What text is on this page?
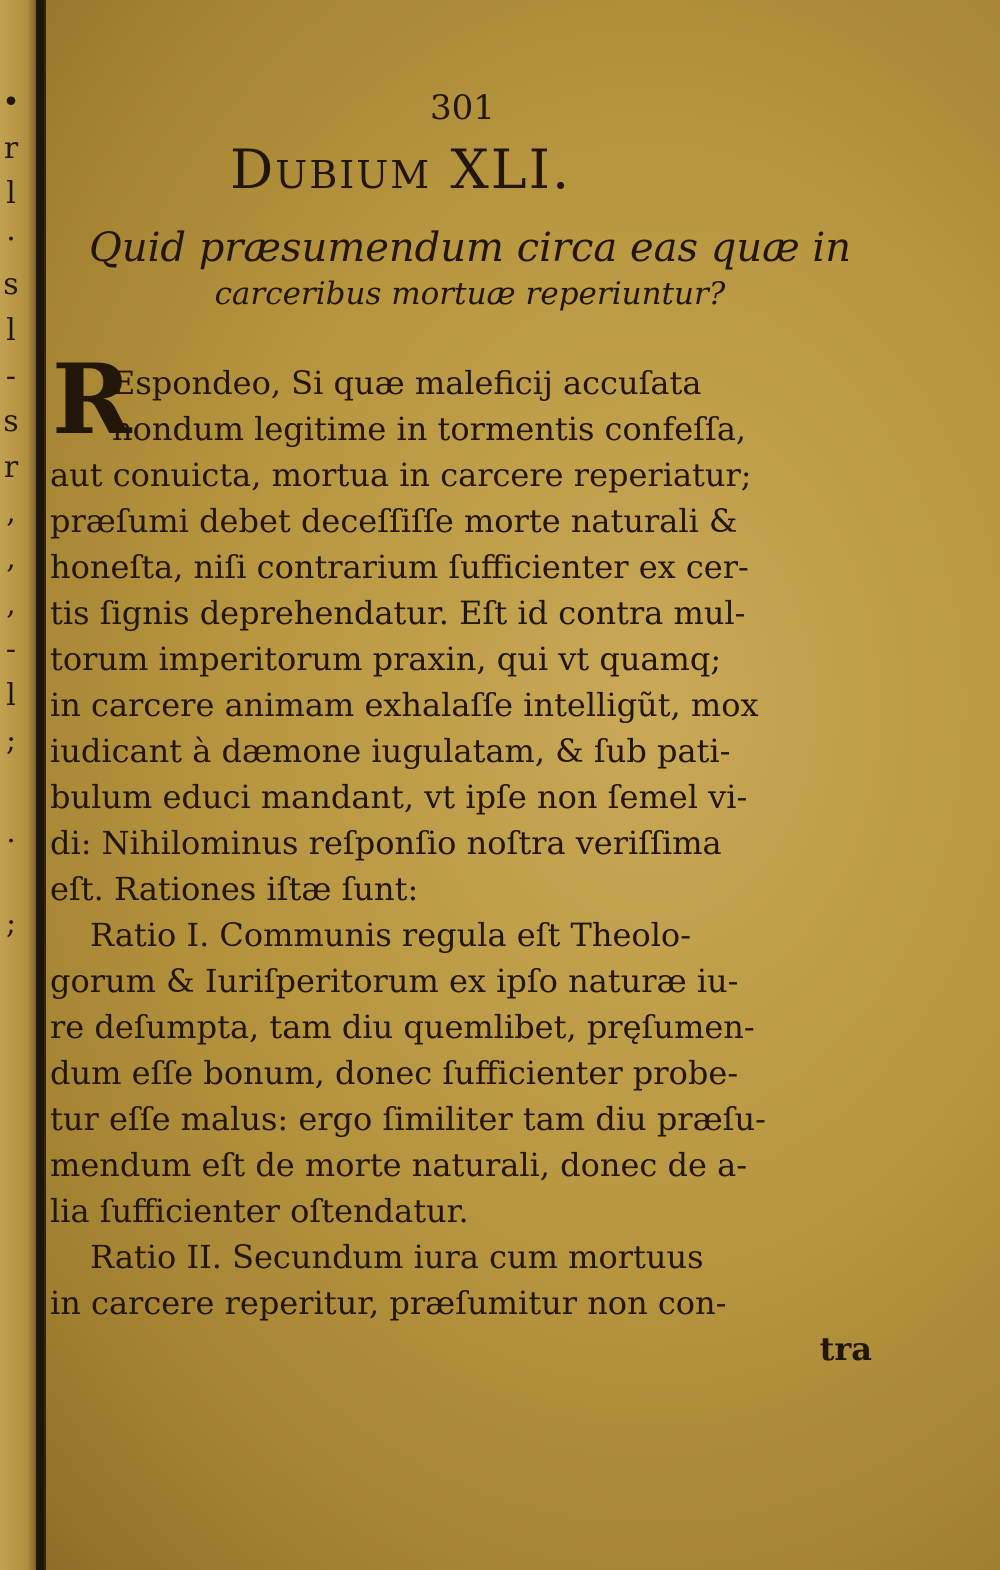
•
r
l
·
s
l
-
s
r
,
,
,
-
l
;
.
;

301
Dubium XLI.
Quid præsumendum circa eas quæ in
carceribus mortuæ reperiuntur?
R
Espondeo, Si quæ maleficij accuſata
nondum legitime in tormentis confeſſa,
aut conuicta, mortua in carcere reperiatur;
præſumi debet deceſſiſſe morte naturali &
honeſta, niſi contrarium ſufficienter ex cer-
tis ſignis deprehendatur. Eſt id contra mul-
torum imperitorum praxin, qui vt quamq;
in carcere animam exhalaſſe intelligũt, mox
iudicant à dæmone iugulatam, & ſub pati-
bulum educi mandant, vt ipſe non ſemel vi-
di: Nihilominus reſponſio noſtra veriſſima
eſt. Rationes iſtæ ſunt:
Ratio I. Communis regula eſt Theolo-
gorum & Iuriſperitorum ex ipſo naturæ iu-
re deſumpta, tam diu quemlibet, pręſumen-
dum eſſe bonum, donec ſufficienter probe-
tur eſſe malus: ergo ſimiliter tam diu præſu-
mendum eſt de morte naturali, donec de a-
lia ſufficienter oſtendatur.
Ratio II. Secundum iura cum mortuus
in carcere reperitur, præſumitur non con-
tra
